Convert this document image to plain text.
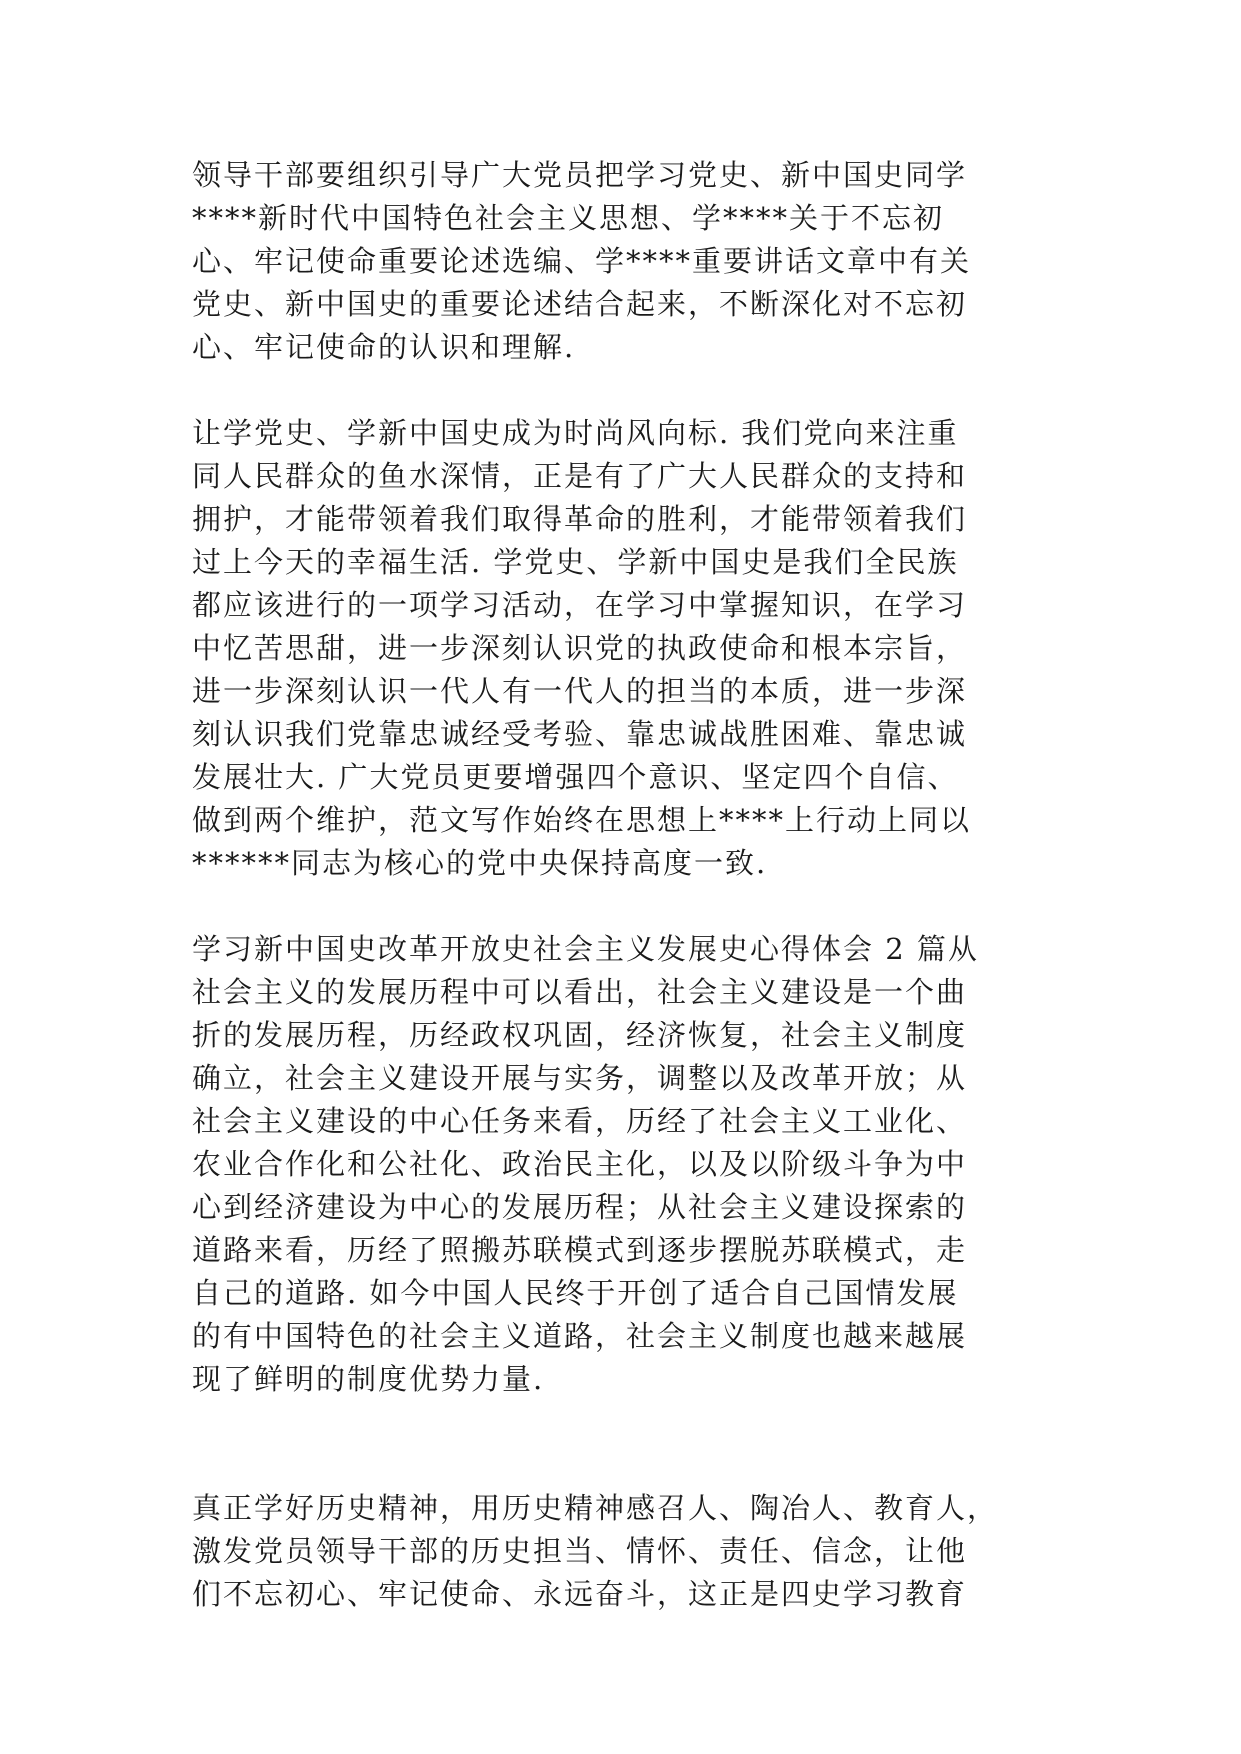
领导干部要组织引导广大党员把学习党史、新中国史同学
****新时代中国特色社会主义思想、学****关于不忘初
心、牢记使命重要论述选编、学****重要讲话文章中有关
党史、新中国史的重要论述结合起来，不断深化对不忘初
心、牢记使命的认识和理解.

让学党史、学新中国史成为时尚风向标. 我们党向来注重
同人民群众的鱼水深情，正是有了广大人民群众的支持和
拥护，才能带领着我们取得革命的胜利，才能带领着我们
过上今天的幸福生活. 学党史、学新中国史是我们全民族
都应该进行的一项学习活动，在学习中掌握知识，在学习
中忆苦思甜，进一步深刻认识党的执政使命和根本宗旨，
进一步深刻认识一代人有一代人的担当的本质，进一步深
刻认识我们党靠忠诚经受考验、靠忠诚战胜困难、靠忠诚
发展壮大. 广大党员更要增强四个意识、坚定四个自信、
做到两个维护，范文写作始终在思想上****上行动上同以
******同志为核心的党中央保持高度一致.

学习新中国史改革开放史社会主义发展史心得体会 2 篇从
社会主义的发展历程中可以看出，社会主义建设是一个曲
折的发展历程，历经政权巩固，经济恢复，社会主义制度
确立，社会主义建设开展与实务，调整以及改革开放；从
社会主义建设的中心任务来看，历经了社会主义工业化、
农业合作化和公社化、政治民主化，以及以阶级斗争为中
心到经济建设为中心的发展历程；从社会主义建设探索的
道路来看，历经了照搬苏联模式到逐步摆脱苏联模式，走
自己的道路. 如今中国人民终于开创了适合自己国情发展
的有中国特色的社会主义道路，社会主义制度也越来越展
现了鲜明的制度优势力量.

真正学好历史精神，用历史精神感召人、陶冶人、教育人，
激发党员领导干部的历史担当、情怀、责任、信念，让他
们不忘初心、牢记使命、永远奋斗，这正是四史学习教育
